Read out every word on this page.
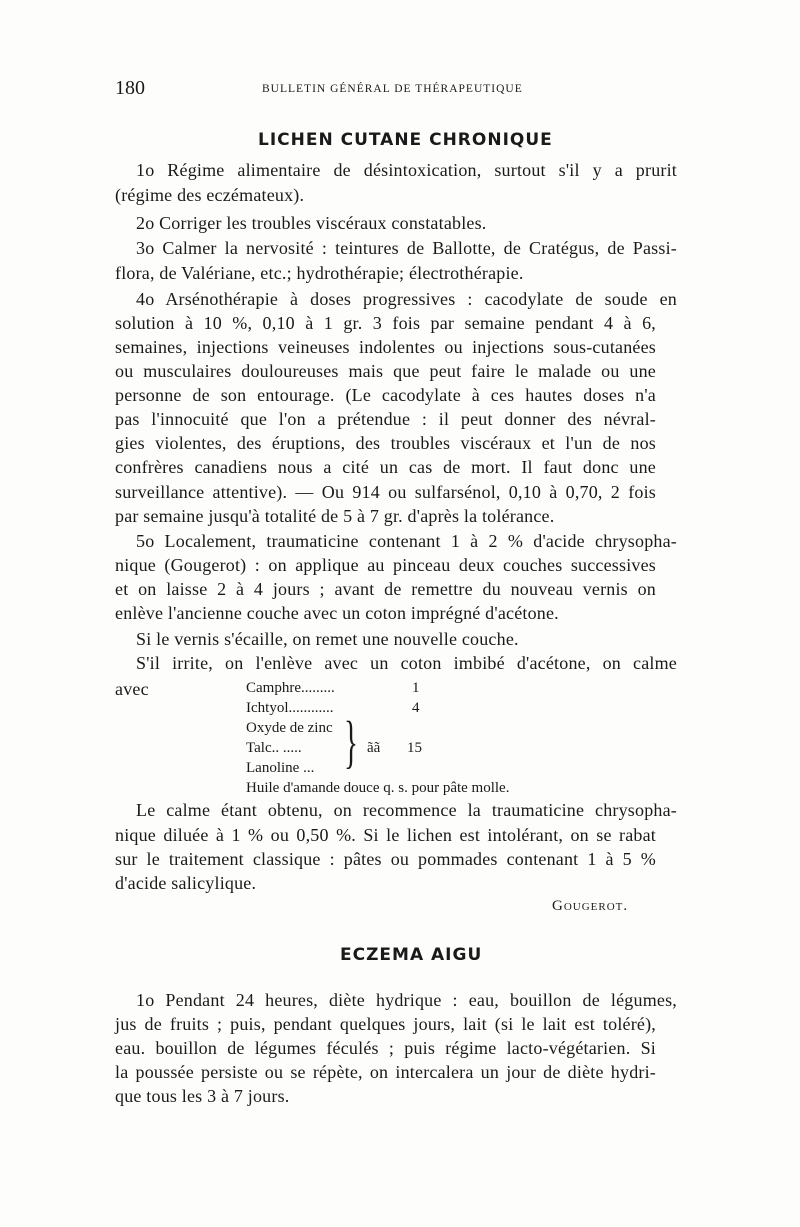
180	BULLETIN GÉNÉRAL DE THÉRAPEUTIQUE
LICHEN CUTANE CHRONIQUE
1o Régime alimentaire de désintoxication, surtout s'il y a prurit
(régime des eczémateux).
2o Corriger les troubles viscéraux constatables.
3o Calmer la nervosité : teintures de Ballotte, de Cratégus, de Passi-
flora, de Valériane, etc.; hydrothérapie; électrothérapie.
4o Arsénothérapie à doses progressives : cacodylate de soude en
solution à 10 %, 0,10 à 1 gr. 3 fois par semaine pendant 4 à 6,
semaines, injections veineuses indolentes ou injections sous-cutanées
ou musculaires douloureuses mais que peut faire le malade ou une
personne de son entourage. (Le cacodylate à ces hautes doses n'a
pas l'innocuité que l'on a prétendue : il peut donner des névral-
gies violentes, des éruptions, des troubles viscéraux et l'un de nos
confrères canadiens nous a cité un cas de mort. Il faut donc une
surveillance attentive). — Ou 914 ou sulfarsénol, 0,10 à 0,70, 2 fois
par semaine jusqu'à totalité de 5 à 7 gr. d'après la tolérance.
5o Localement, traumaticine contenant 1 à 2 % d'acide chrysopha-
nique (Gougerot) : on applique au pinceau deux couches successives
et on laisse 2 à 4 jours ; avant de remettre du nouveau vernis on
enlève l'ancienne couche avec un coton imprégné d'acétone.
Si le vernis s'écaille, on remet une nouvelle couche.
S'il irrite, on l'enlève avec un coton imbibé d'acétone, on calme
avec	Camphre.........	1
Ichtyol............	4
Oxyde de zinc
Talc.. .....
Lanoline ... } ãã 15
Huile d'amande douce q. s. pour pâte molle.
Le calme étant obtenu, on recommence la traumaticine chrysopha-
nique diluée à 1 % ou 0,50 %. Si le lichen est intolérant, on se rabat
sur le traitement classique : pâtes ou pommades contenant 1 à 5 %
d'acide salicylique.
Gougerot.
ECZEMA AIGU
1o Pendant 24 heures, diète hydrique : eau, bouillon de légumes,
jus de fruits ; puis, pendant quelques jours, lait (si le lait est toléré),
eau. bouillon de légumes féculés ; puis régime lacto-végétarien. Si
la poussée persiste ou se répète, on intercalera un jour de diète hydri-
que tous les 3 à 7 jours.
